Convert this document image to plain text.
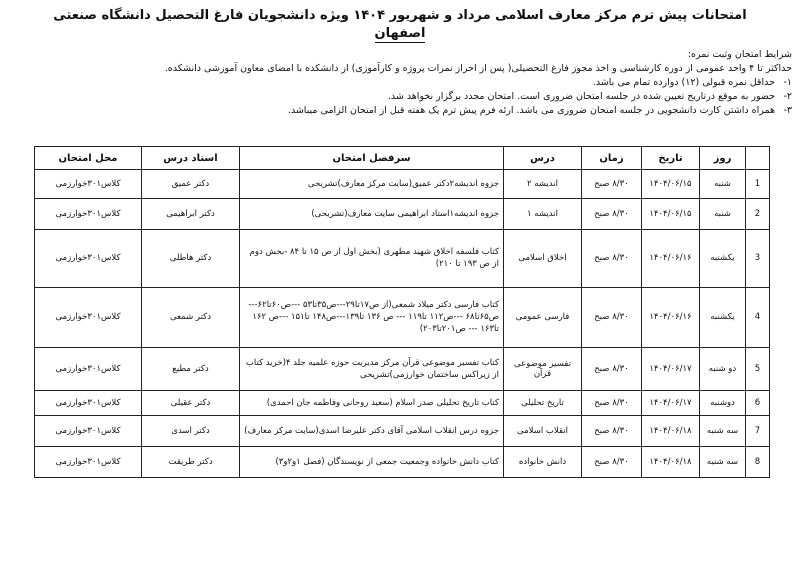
امتحانات پیش ترم مرکز معارف اسلامی مرداد و شهریور ۱۴۰۴ ویژه دانشجویان فارغ التحصیل دانشگاه صنعتی
اصفهان
شرایط امتحان وثبت نمره:
حداکثر تا ۴ واحد عمومی از دوره کارشناسی و اخذ مجوز فارغ التحصیلی( پس از احراز نمرات پروژه و کارآموزی) از دانشکده با امضای معاون آموزشی دانشکده.
۱- حداقل نمره قبولی (۱۲) دوازده تمام می باشد.
۲- حضور به موقع درتاریخ تعیین شده در جلسه امتحان ضروری است. امتحان مجدد برگزار نخواهد شد.
۳- همراه داشتن کارت دانشجویی در جلسه امتحان ضروری می باشد. ارئه فرم پیش ترم یک هفته قبل از امتحان الزامی میباشد.
	روز	تاریخ	زمان	درس	سرفصل امتحان	استاد درس	محل امتحان
1	شنبه	۱۴۰۴/۰۶/۱۵	۸/۳۰ صبح	اندیشه ۲	جزوه اندیشه۲دکتر عمیق(سایت مرکز معارف)تشریحی	دکتر عمیق	کلاس۳۰۱خوارزمی
2	شنبه	۱۴۰۴/۰۶/۱۵	۸/۳۰ صبح	اندیشه ۱	جزوه اندیشه۱استاد ابراهیمی سایت معارف(تشریحی)	دکتر ابراهیمی	کلاس۳۰۱خوارزمی
3	یکشنبه	۱۴۰۴/۰۶/۱۶	۸/۳۰ صبح	اخلاق اسلامی	کتاب فلسفه اخلاق شهید مطهری (بخش اول از ص ۱۵ تا ۸۴ -بخش دوم از ص ۱۹۳ تا ۲۱۰)	دکتر هاطلی	کلاس۳۰۱خوارزمی
4	یکشنبه	۱۴۰۴/۰۶/۱۶	۸/۳۰ صبح	فارسی عمومی	کتاب فارسی دکتر میلاد شمعی(از ص۱۷تا۲۹---ص۳۵تا۵۳ ---ص۶۰تا۶۲---ص۶۵تا۶۸ ---ص۱۱۲ تا۱۱۹ --- ص ۱۳۶ تا۱۳۹---ص۱۴۸ تا۱۵۱ ---ص ۱۶۲ تا۱۶۳ --- ص۲۰۱تا۲۰۳)	دکتر شمعی	کلاس۳۰۱خوارزمی
5	دو شنبه	۱۴۰۴/۰۶/۱۷	۸/۳۰ صبح	تفسیر موضوعی قرآن	کتاب تفسیر موضوعی قرآن مرکز مدیریت حوزه علمیه جلد ۴(خرید کتاب از زیراکس ساختمان خوارزمی)تشریحی	دکتر مطیع	کلاس۳۰۱خوارزمی
6	دوشنبه	۱۴۰۴/۰۶/۱۷	۸/۳۰ صبح	تاریخ تحلیلی	کتاب تاریخ تحلیلی صدر اسلام (سعید روحانی وفاطمه جان احمدی)	دکتر عقیلی	کلاس۳۰۱خوارزمی
7	سه شنبه	۱۴۰۴/۰۶/۱۸	۸/۳۰ صبح	انقلاب اسلامی	جزوه درس انقلاب اسلامی آقای دکتر علیرضا اسدی(سایت مرکز معارف)	دکتر اسدی	کلاس۳۰۱خوارزمی
8	سه شنبه	۱۴۰۴/۰۶/۱۸	۸/۳۰ صبح	دانش خانواده	کتاب دانش خانواده وجمعیت جمعی از نویسندگان (فصل ۱و۲و۳)	دکتر طریقت	کلاس۳۰۱خوارزمی
